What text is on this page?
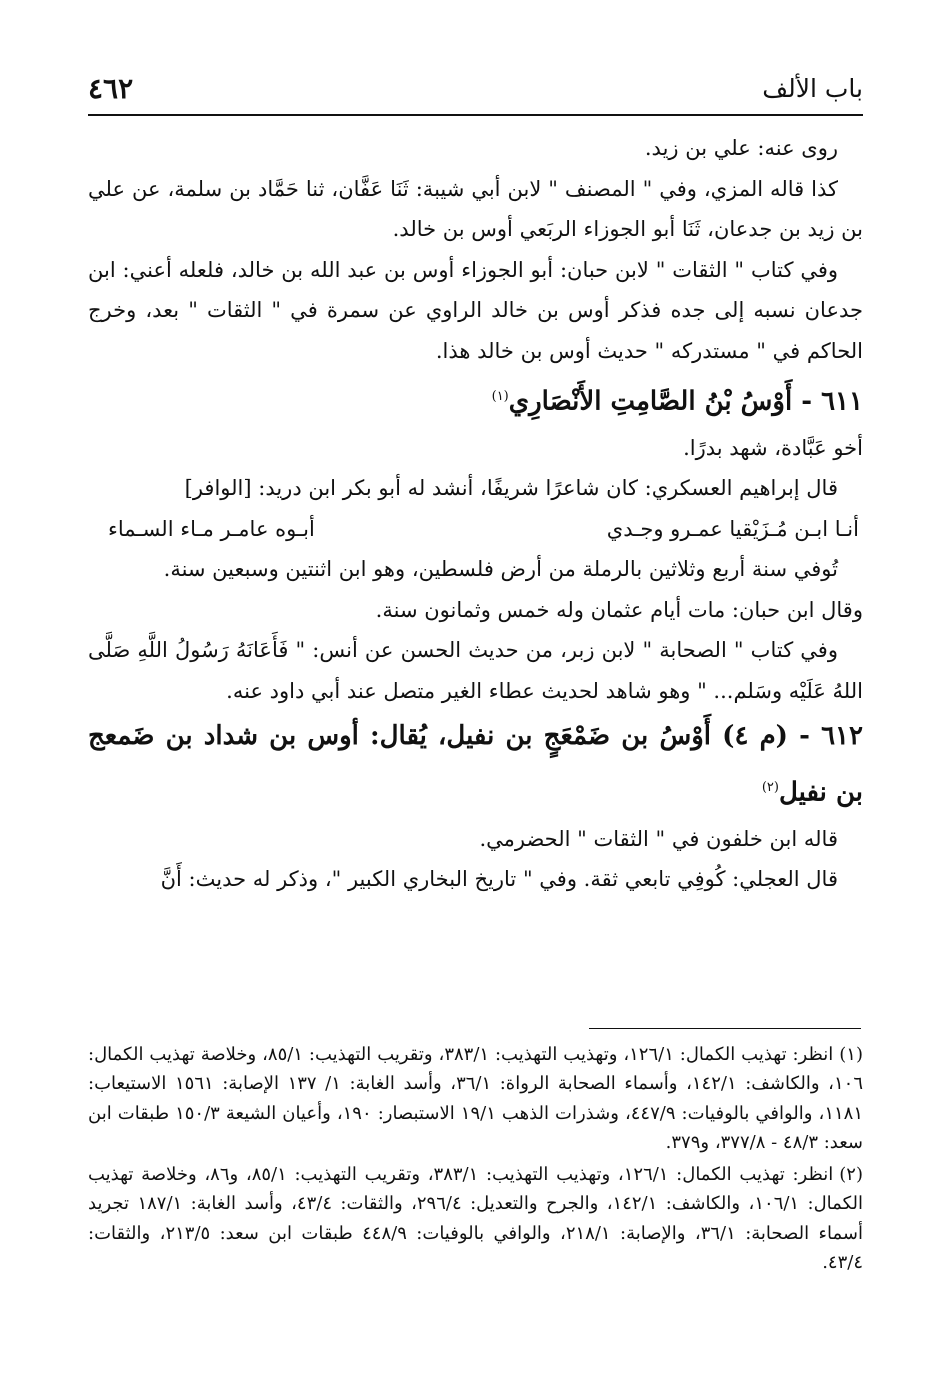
باب الألف
٤٦٢

روى عنه: علي بن زيد.

كذا قاله المزي، وفي " المصنف " لابن أبي شيبة: ثَنَا عَفَّان، ثنا حَمَّاد بن سلمة، عن علي بن زيد بن جدعان، ثَنَا أبو الجوزاء الربَعي أوس بن خالد.

وفي كتاب " الثقات " لابن حبان: أبو الجوزاء أوس بن عبد الله بن خالد، فلعله أعني: ابن جدعان نسبه إلى جده فذكر أوس بن خالد الراوي عن سمرة في " الثقات " بعد، وخرج الحاكم في " مستدركه " حديث أوس بن خالد هذا.

٦١١ - أَوْسُ بْنُ الصَّامِتِ الأَنْصَارِي$^{(١)}$

أخو عَبَّادة، شهد بدرًا.

قال إبراهيم العسكري: كان شاعرًا شريفًا، أنشد له أبو بكر ابن دريد: [الوافر]

أنـا ابـن مُـزَيْقيا عمـرو وجـدي
أبـوه عامـر مـاء السـماء

تُوفي سنة أربع وثلاثين بالرملة من أرض فلسطين، وهو ابن اثنتين وسبعين سنة.

وقال ابن حبان: مات أيام عثمان وله خمس وثمانون سنة.

وفي كتاب " الصحابة " لابن زبر، من حديث الحسن عن أنس: " فَأَعَانَهُ رَسُولُ اللَّهِ صَلَّى اللهُ عَلَيْه وسَلم... " وهو شاهد لحديث عطاء الغير متصل عند أبي داود عنه.

٦١٢ - (م ٤) أَوْسُ بن ضَمْعَجٍ بن نفيل، يُقال: أوس بن شداد بن ضَمعج بن نفيل$^{(٢)}$

قاله ابن خلفون في " الثقات " الحضرمي.

قال العجلي: كُوفِي تابعي ثقة. وفي " تاريخ البخاري الكبير "، وذكر له حديث: أَنَّ

(١)انظر: تهذيب الكمال: ١٢٦/١، وتهذيب التهذيب: ٣٨٣/١، وتقريب التهذيب: ٨٥/١، وخلاصة تهذيب الكمال: ١٠٦، والكاشف: ١٤٢/١، وأسماء الصحابة الرواة: ٣٦/١، وأسد الغابة: ١/ ١٣٧ الإصابة: ١٥٦١ الاستيعاب: ١١٨١، والوافي بالوفيات: ٤٤٧/٩، وشذرات الذهب ١٩/١ الاستبصار: ١٩٠، وأعيان الشيعة ١٥٠/٣ طبقات ابن سعد: ٤٨/٣ - ٣٧٧/٨، و٣٧٩.

(٢)انظر: تهذيب الكمال: ١٢٦/١، وتهذيب التهذيب: ٣٨٣/١، وتقريب التهذيب: ٨٥/١، و٨٦، وخلاصة تهذيب الكمال: ١٠٦/١، والكاشف: ١٤٢/١، والجرح والتعديل: ٢٩٦/٤، والثقات: ٤٣/٤، وأسد الغابة: ١٨٧/١ تجريد أسماء الصحابة: ٣٦/١، والإصابة: ٢١٨/١، والوافي بالوفيات: ٤٤٨/٩ طبقات ابن سعد: ٢١٣/٥، والثقات: ٤٣/٤.
